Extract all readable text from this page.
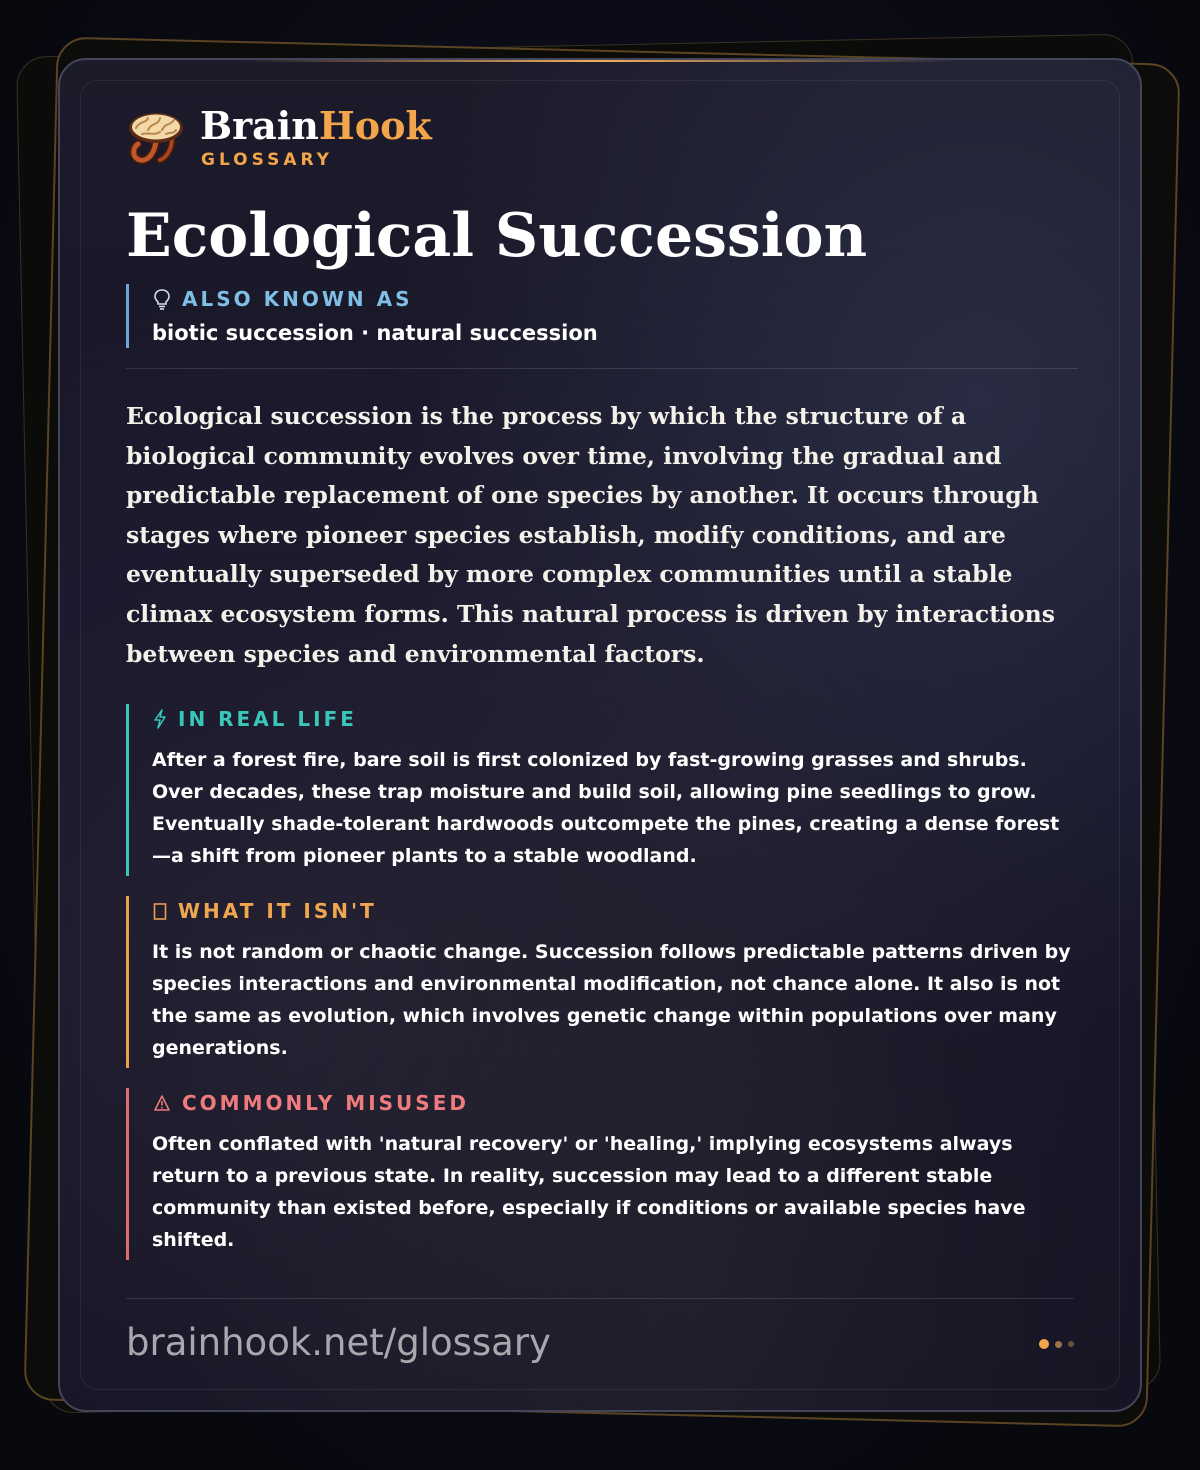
BrainHook
GLOSSARY
Ecological Succession
ALSO KNOWN AS
biotic succession · natural succession
Ecological succession is the process by which the structure of a biological community evolves over time, involving the gradual and predictable replacement of one species by another. It occurs through stages where pioneer species establish, modify conditions, and are eventually superseded by more complex communities until a stable climax ecosystem forms. This natural process is driven by interactions between species and environmental factors.
IN REAL LIFE
After a forest fire, bare soil is first colonized by fast-growing grasses and shrubs. Over decades, these trap moisture and build soil, allowing pine seedlings to grow. Eventually shade-tolerant hardwoods outcompete the pines, creating a dense forest—a shift from pioneer plants to a stable woodland.
WHAT IT ISN'T
It is not random or chaotic change. Succession follows predictable patterns driven by species interactions and environmental modification, not chance alone. It also is not the same as evolution, which involves genetic change within populations over many generations.
COMMONLY MISUSED
Often conflated with 'natural recovery' or 'healing,' implying ecosystems always return to a previous state. In reality, succession may lead to a different stable community than existed before, especially if conditions or available species have shifted.
brainhook.net/glossary
